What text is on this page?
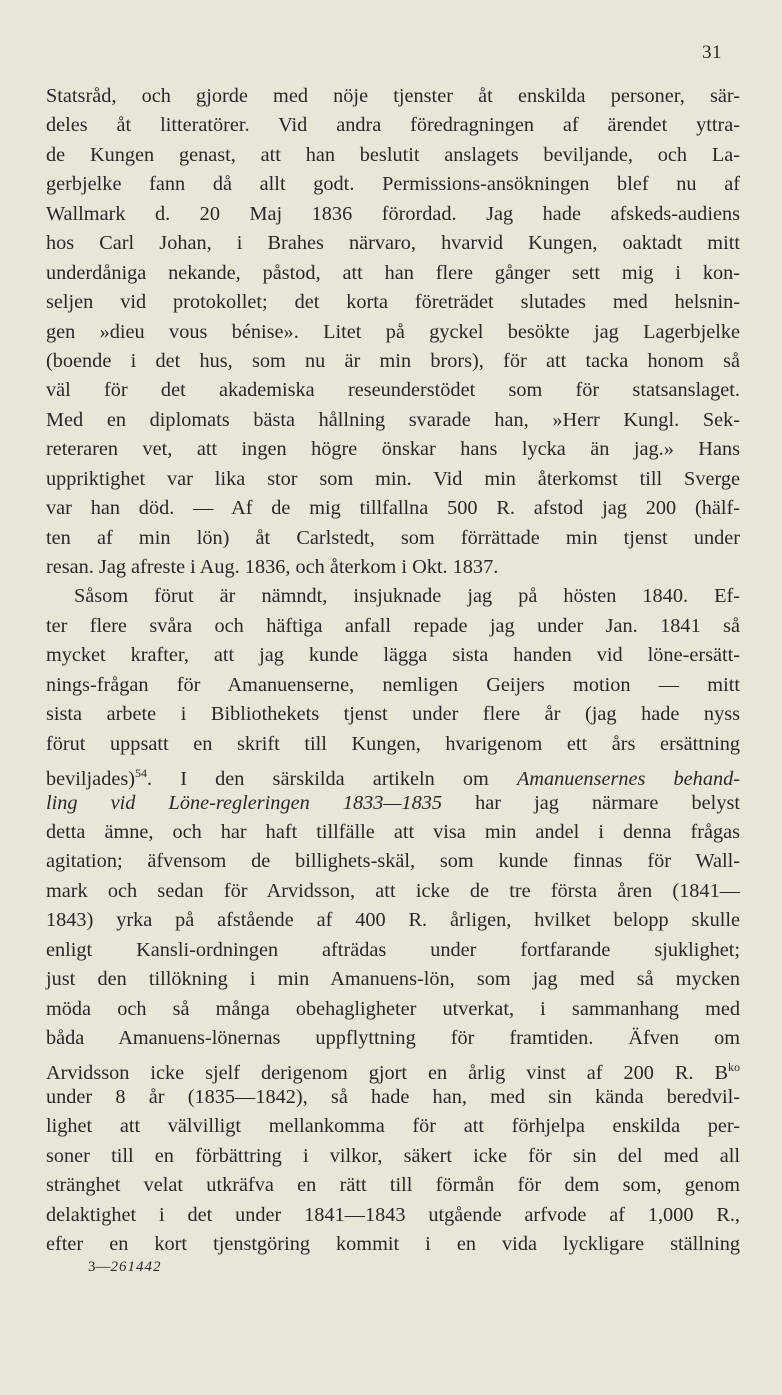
31
Statsråd, och gjorde med nöje tjenster åt enskilda personer, sär-
deles åt litteratörer. Vid andra föredragningen af ärendet yttra-
de Kungen genast, att han beslutit anslagets beviljande, och La-
gerbjelke fann då allt godt. Permissions-ansökningen blef nu af
Wallmark d. 20 Maj 1836 förordad. Jag hade afskeds-audiens
hos Carl Johan, i Brahes närvaro, hvarvid Kungen, oaktadt mitt
underdåniga nekande, påstod, att han flere gånger sett mig i kon-
seljen vid protokollet; det korta företrädet slutades med helsnin-
gen »dieu vous bénise». Litet på gyckel besökte jag Lagerbjelke
(boende i det hus, som nu är min brors), för att tacka honom så
väl för det akademiska reseunderstödet som för statsanslaget.
Med en diplomats bästa hållning svarade han, »Herr Kungl. Sek-
reteraren vet, att ingen högre önskar hans lycka än jag.» Hans
uppriktighet var lika stor som min. Vid min återkomst till Sverge
var han död. — Af de mig tillfallna 500 R. afstod jag 200 (hälf-
ten af min lön) åt Carlstedt, som förrättade min tjenst under
resan. Jag afreste i Aug. 1836, och återkom i Okt. 1837.
Såsom förut är nämndt, insjuknade jag på hösten 1840. Ef-
ter flere svåra och häftiga anfall repade jag under Jan. 1841 så
mycket krafter, att jag kunde lägga sista handen vid löne-ersätt-
nings-frågan för Amanuenserne, nemligen Geijers motion — mitt
sista arbete i Bibliothekets tjenst under flere år (jag hade nyss
förut uppsatt en skrift till Kungen, hvarigenom ett års ersättning
beviljades)$^{54}$. I den särskilda artikeln om Amanuensernes behand-
ling vid Löne-regleringen 1833—1835 har jag närmare belyst
detta ämne, och har haft tillfälle att visa min andel i denna frågas
agitation; äfvensom de billighets-skäl, som kunde finnas för Wall-
mark och sedan för Arvidsson, att icke de tre första åren (1841—
1843) yrka på afstående af 400 R. årligen, hvilket belopp skulle
enligt Kansli-ordningen afträdas under fortfarande sjuklighet;
just den tillökning i min Amanuens-lön, som jag med så mycken
möda och så många obehagligheter utverkat, i sammanhang med
båda Amanuens-lönernas uppflyttning för framtiden. Äfven om
Arvidsson icke sjelf derigenom gjort en årlig vinst af 200 R. $B^{ko}$
under 8 år (1835—1842), så hade han, med sin kända beredvil-
lighet att välvilligt mellankomma för att förhjelpa enskilda per-
soner till en förbättring i vilkor, säkert icke för sin del med all
stränghet velat utkräfva en rätt till förmån för dem som, genom
delaktighet i det under 1841—1843 utgående arfvode af 1,000 R.,
efter en kort tjenstgöring kommit i en vida lyckligare ställning
3—261442
